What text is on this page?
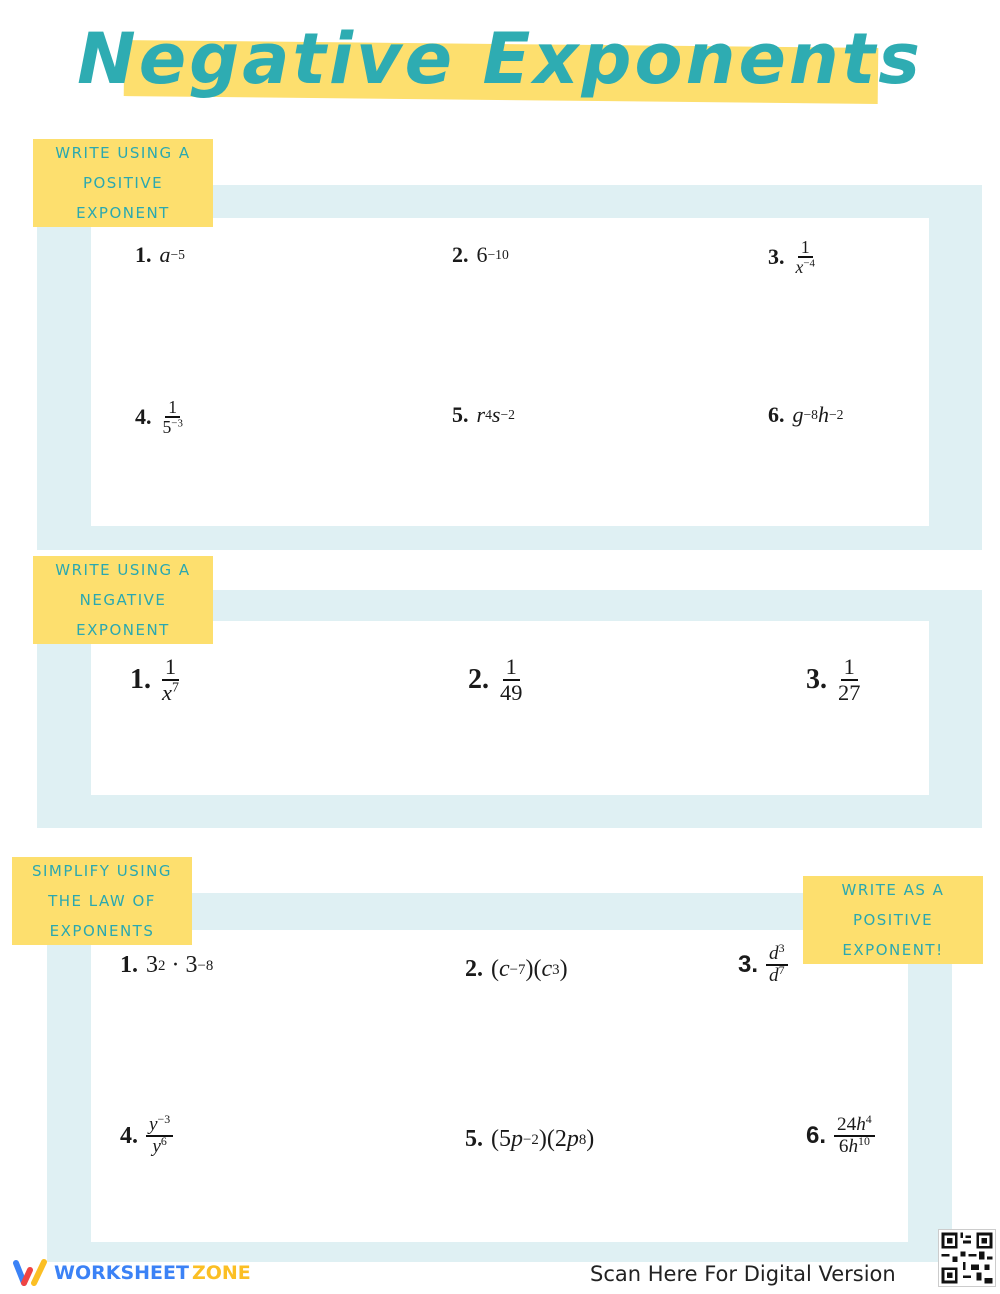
Negative Exponents
WRITE USING A
POSITIVE
EXPONENT
1. a −5	2. 6 −10	3. $\frac{1}{x^{-4}}$
4. $\frac{1}{5^{-3}}$	5. r 4 s −2	6. g −8 h −2
WRITE USING A
NEGATIVE
EXPONENT
1. $\frac{1}{x^7}$	2. $\frac{1}{49}$	3. $\frac{1}{27}$
SIMPLIFY USING
THE LAW OF
EXPONENTS
WRITE AS A
POSITIVE
EXPONENT!
1. 3 2 · 3 −8	2. ( c −7 )( c 3 )	3. $\frac{d^3}{d^7}$
4. $\frac{y^{-3}}{y^6}$	5. (5 p −2 )(2 p 8 )	6. $\frac{24h^4}{6h^{10}}$
WORKSHEET ZONE	Scan Here For Digital Version
